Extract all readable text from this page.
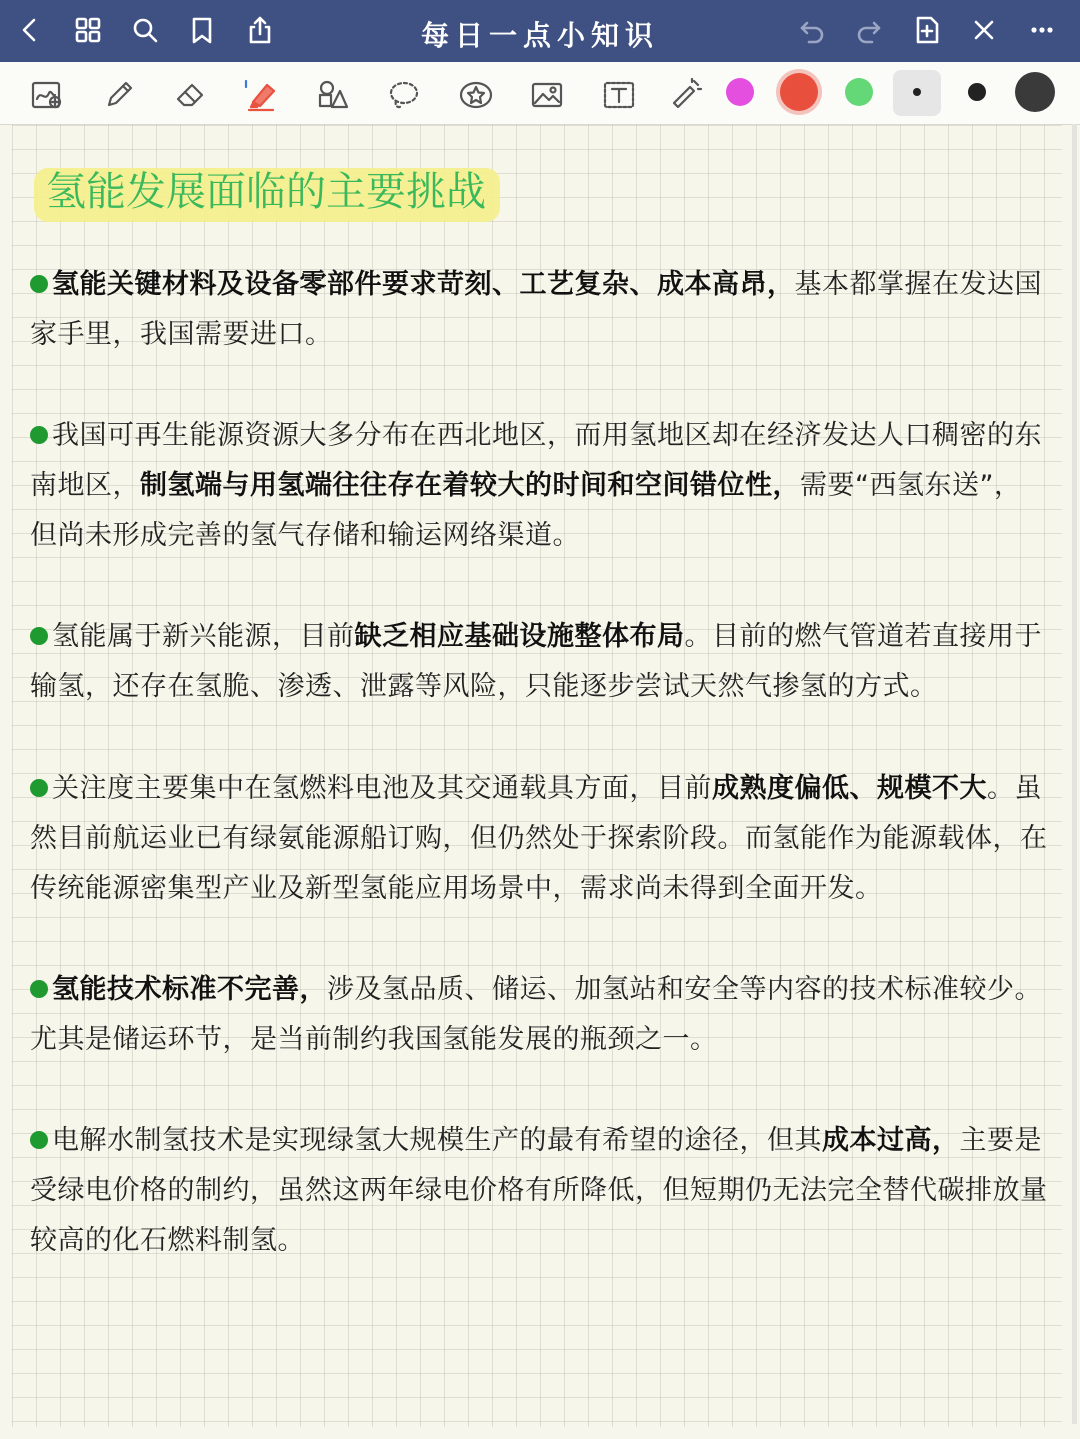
每日一点小知识
氢能发展面临的主要挑战
氢能关键材料及设备零部件要求苛刻、工艺复杂、成本高昂，基本都掌握在发达国家手里，我国需要进口。
我国可再生能源资源大多分布在西北地区，而用氢地区却在经济发达人口稠密的东南地区，制氢端与用氢端往往存在着较大的时间和空间错位性，需要“西氢东送”，但尚未形成完善的氢气存储和输运网络渠道。
氢能属于新兴能源，目前缺乏相应基础设施整体布局。目前的燃气管道若直接用于输氢，还存在氢脆、渗透、泄露等风险，只能逐步尝试天然气掺氢的方式。
关注度主要集中在氢燃料电池及其交通载具方面，目前成熟度偏低、规模不大。虽然目前航运业已有绿氨能源船订购，但仍然处于探索阶段。而氢能作为能源载体，在传统能源密集型产业及新型氢能应用场景中，需求尚未得到全面开发。
氢能技术标准不完善，涉及氢品质、储运、加氢站和安全等内容的技术标准较少。尤其是储运环节，是当前制约我国氢能发展的瓶颈之一。
电解水制氢技术是实现绿氢大规模生产的最有希望的途径，但其成本过高，主要是受绿电价格的制约，虽然这两年绿电价格有所降低，但短期仍无法完全替代碳排放量较高的化石燃料制氢。
